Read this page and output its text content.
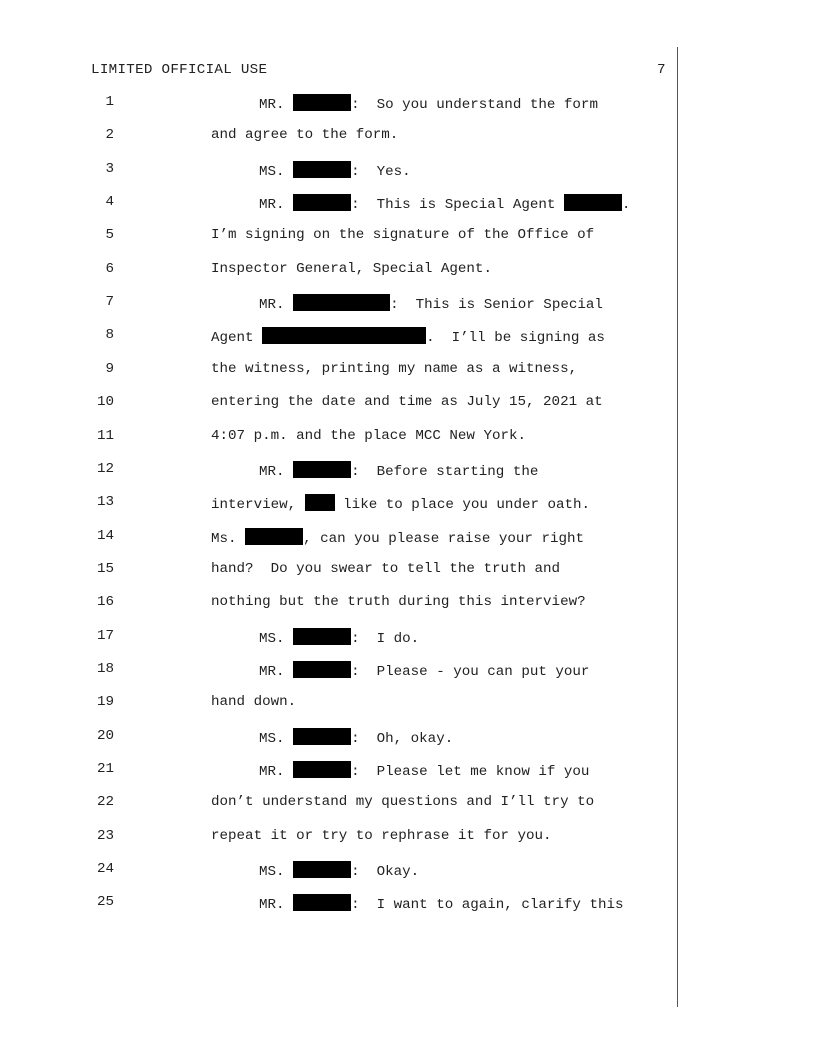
LIMITED OFFICIAL USE	7
1	MR.	:  So you understand the form
2	and agree to the form.
3	MS.	:  Yes.
4	MR.	:  This is Special Agent	.
5	I’m signing on the signature of the Office of
6	Inspector General, Special Agent.
7	MR.	:  This is Senior Special
8	Agent	.  I’ll be signing as
9	the witness, printing my name as a witness,
10	entering the date and time as July 15, 2021 at
11	4:07 p.m. and the place MCC New York.
12	MR.	:  Before starting the
13	interview,  like to place you under oath.
14	Ms.	, can you please raise your right
15	hand?  Do you swear to tell the truth and
16	nothing but the truth during this interview?
17	MS.	:  I do.
18	MR.	:  Please - you can put your
19	hand down.
20	MS.	:  Oh, okay.
21	MR.	:  Please let me know if you
22	don’t understand my questions and I’ll try to
23	repeat it or try to rephrase it for you.
24	MS.	:  Okay.
25	MR.	:  I want to again, clarify this
